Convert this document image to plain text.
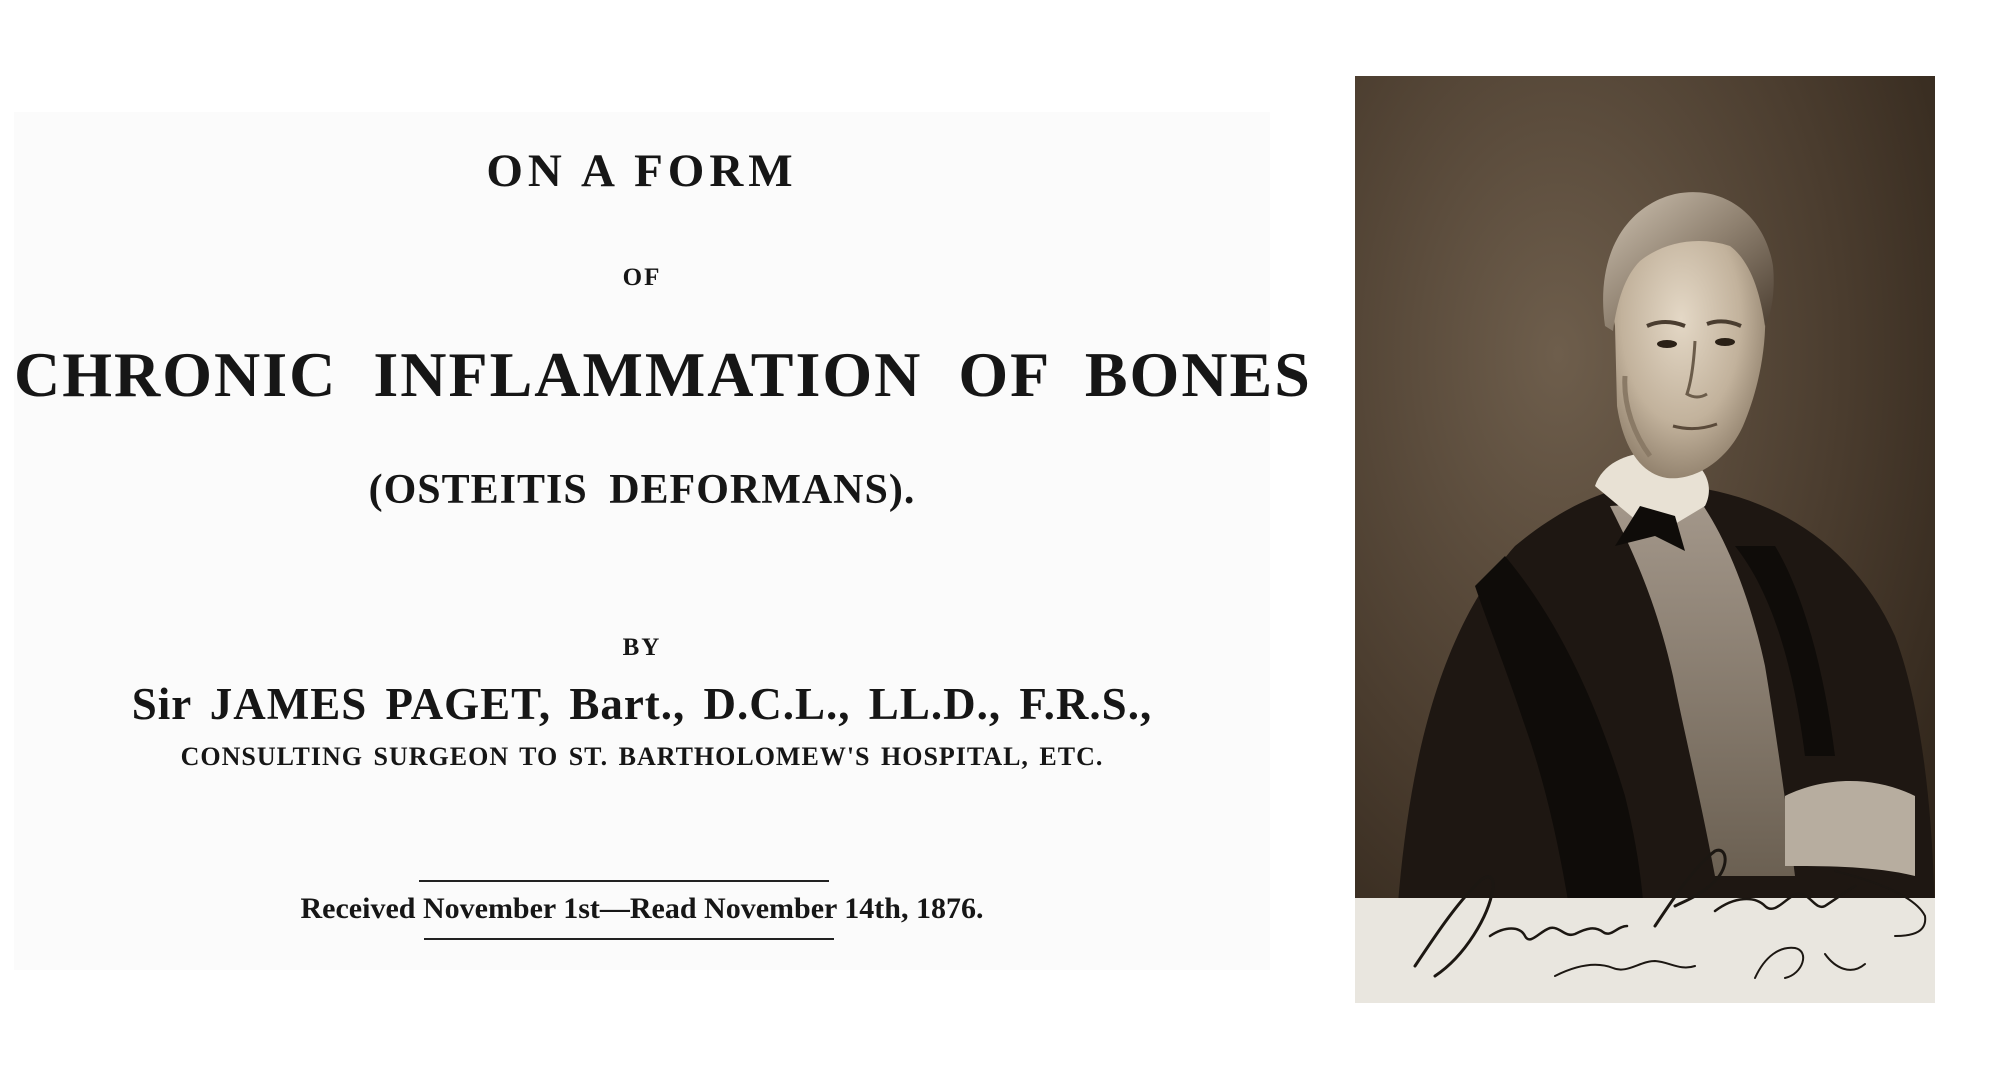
ON A FORM

OF

CHRONIC INFLAMMATION OF BONES

(OSTEITIS DEFORMANS).

BY

Sir JAMES PAGET, Bart., D.C.L., LL.D., F.R.S.,

CONSULTING SURGEON TO ST. BARTHOLOMEW'S HOSPITAL, ETC.

Received November 1st—Read November 14th, 1876.
